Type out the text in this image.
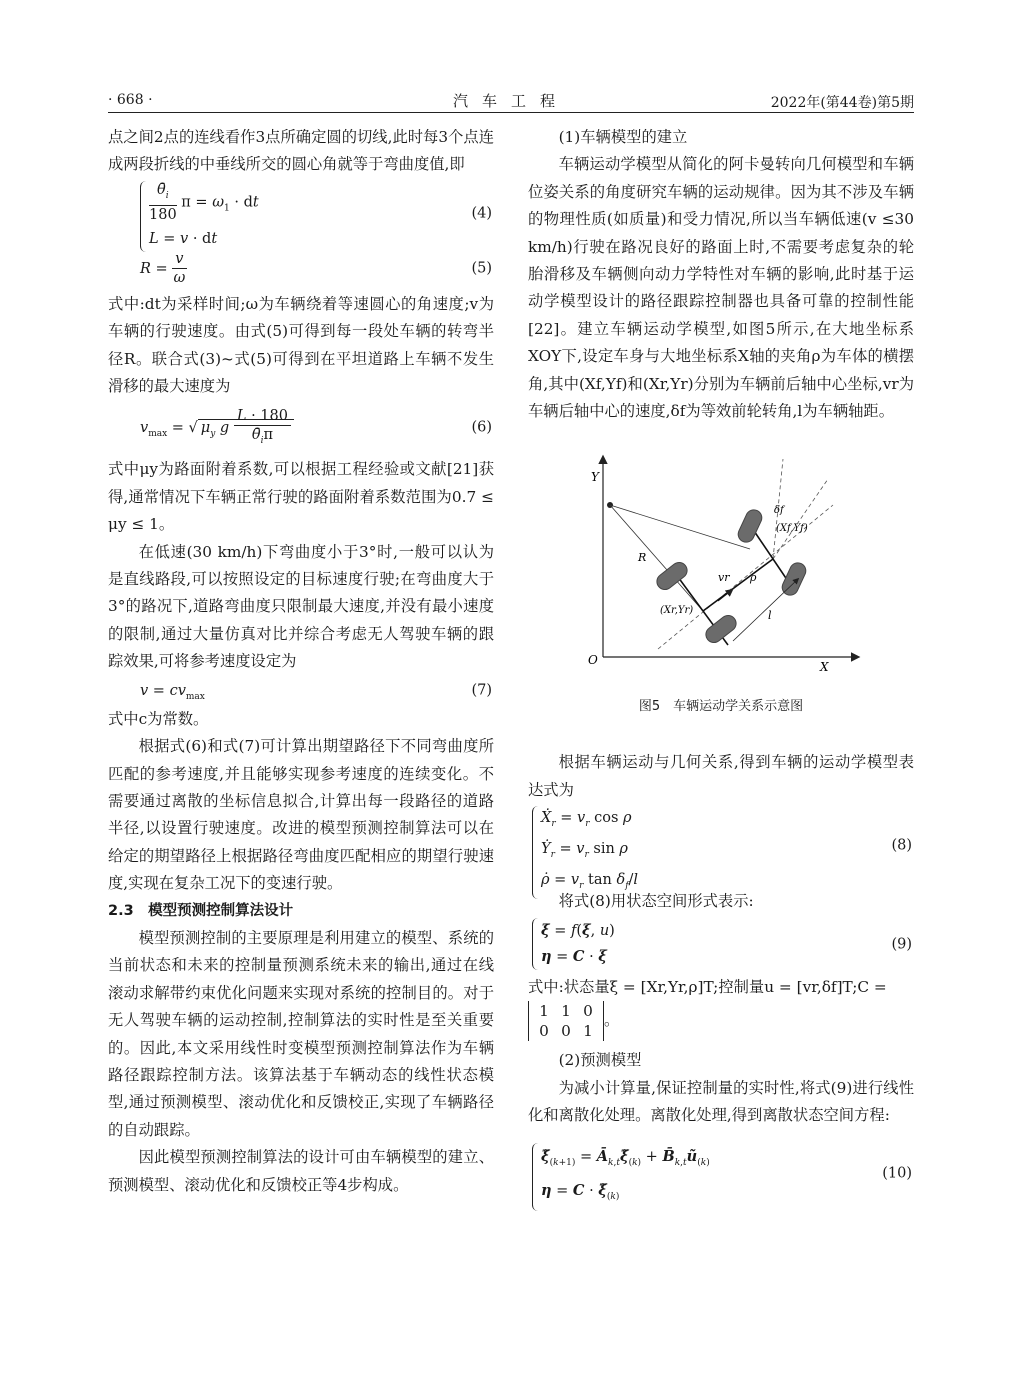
· 668 ·	汽车工程	2022年(第44卷)第5期

点之间2点的连线看作3点所确定圆的切线,此时每3个点连成两段折线的中垂线所交的圆心角就等于弯曲度值,即

$\frac{\thetā_i}{180}$ $\pi = \omega_1$ · dt
L = v · dt
(4)
$R = \frac{v}{\omega}$	(5)

式中:dt为采样时间;ω为车辆绕着等速圆心的角速度;v为车辆的行驶速度。由式(5)可得到每一段处车辆的转弯半径R。联合式(3)~式(5)可得到在平坦道路上车辆不发生滑移的最大速度为

$v_{max}$ = √ $\mu_y$ g $\frac{L \cdot 180}{\thetā_i\pi}$	(6)

式中μy为路面附着系数,可以根据工程经验或文献[21]获得,通常情况下车辆正常行驶的路面附着系数范围为0.7 ≤ μy ≤ 1。

在低速(30 km/h)下弯曲度小于3°时,一般可以认为是直线路段,可以按照设定的目标速度行驶;在弯曲度大于3°的路况下,道路弯曲度只限制最大速度,并没有最小速度的限制,通过大量仿真对比并综合考虑无人驾驶车辆的跟踪效果,可将参考速度设定为

$v = cv_{max}$	(7)

式中c为常数。

根据式(6)和式(7)可计算出期望路径下不同弯曲度所匹配的参考速度,并且能够实现参考速度的连续变化。不需要通过离散的坐标信息拟合,计算出每一段路径的道路半径,以设置行驶速度。改进的模型预测控制算法可以在给定的期望路径上根据路径弯曲度匹配相应的期望行驶速度,实现在复杂工况下的变速行驶。

2.3　模型预测控制算法设计

模型预测控制的主要原理是利用建立的模型、系统的当前状态和未来的控制量预测系统未来的输出,通过在线滚动求解带约束优化问题来实现对系统的控制目的。对于无人驾驶车辆的运动控制,控制算法的实时性是至关重要的。因此,本文采用线性时变模型预测控制算法作为车辆路径跟踪控制方法。该算法基于车辆动态的线性状态模型,通过预测模型、滚动优化和反馈校正,实现了车辆路径的自动跟踪。

因此模型预测控制算法的设计可由车辆模型的建立、预测模型、滚动优化和反馈校正等4步构成。

(1)车辆模型的建立

车辆运动学模型从简化的阿卡曼转向几何模型和车辆位姿关系的角度研究车辆的运动规律。因为其不涉及车辆的物理性质(如质量)和受力情况,所以当车辆低速(v ≤30 km/h)行驶在路况良好的路面上时,不需要考虑复杂的轮胎滑移及车辆侧向动力学特性对车辆的影响,此时基于运动学模型设计的路径跟踪控制器也具备可靠的控制性能[22]。建立车辆运动学模型,如图5所示,在大地坐标系XOY下,设定车身与大地坐标系X轴的夹角ρ为车体的横摆角,其中(Xf,Yf)和(Xr,Yr)分别为车辆前后轴中心坐标,vr为车辆后轴中心的速度,δf为等效前轮转角,l为车辆轴距。

Y
X
O
R
vr ρ
(Xf,Yf)
(Xr,Yr)
δf
l
图5　车辆运动学关系示意图

根据车辆运动与几何关系,得到车辆的运动学模型表达式为

Ẋ$_r$ = $v_r$ cos ρ
Ẏ$_r$ = $v_r$ sin ρ
ρ̇ = $v_r$ $\tan \delta_f/l$
(8)

将式(8)用状态空间形式表示:

ξ̇ = f(ξ, u)
η = C · ξ
(9)

式中:状态量ξ = [Xr,Yr,ρ]T;控制量u = [vr,δf]T;C =

1 1 0
0 0 1。

(2)预测模型

为减小计算量,保证控制量的实时性,将式(9)进行线性化和离散化处理。离散化处理,得到离散状态空间方程:

$\xĩ_{(k+1)}$ = $Ā_{k,t}\xĩ_{(k)}$ + $B̄_{k,t}ũ_{(k)}$
$\eta = C \cdot \xĩ_{(k)}$
(10)
